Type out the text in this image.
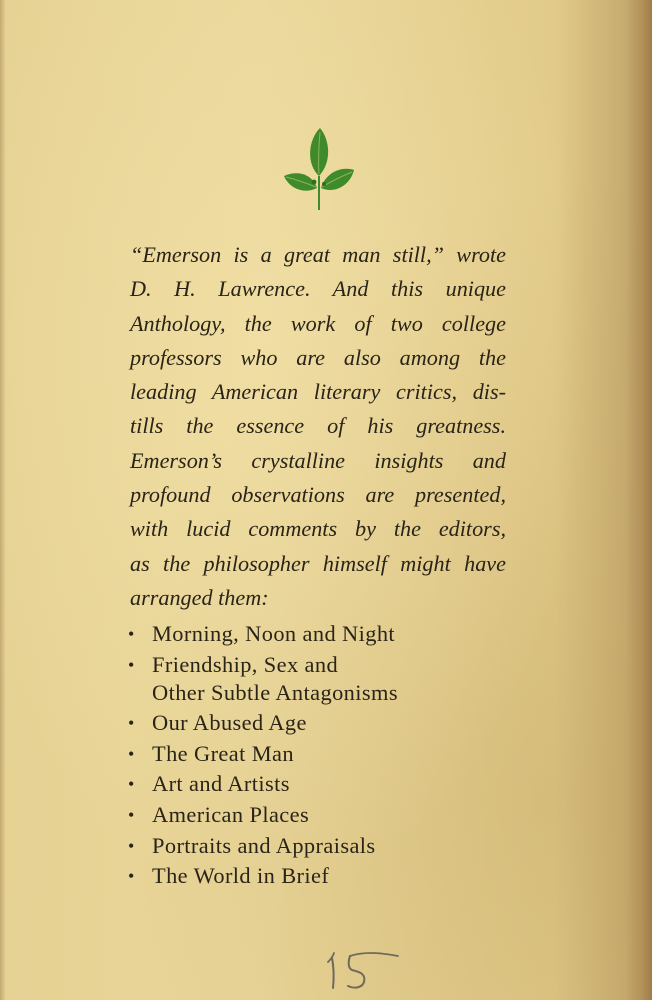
“Emerson is a great man still,” wrote
D. H. Lawrence. And this unique
Anthology, the work of two college
professors who are also among the
leading American literary critics, dis-
tills the essence of his greatness.
Emerson’s crystalline insights and
profound observations are presented,
with lucid comments by the editors,
as the philosopher himself might have
arranged them:

• Morning, Noon and Night
• Friendship, Sex and
Other Subtle Antagonisms
• Our Abused Age
• The Great Man
• Art and Artists
• American Places
• Portraits and Appraisals
• The World in Brief
